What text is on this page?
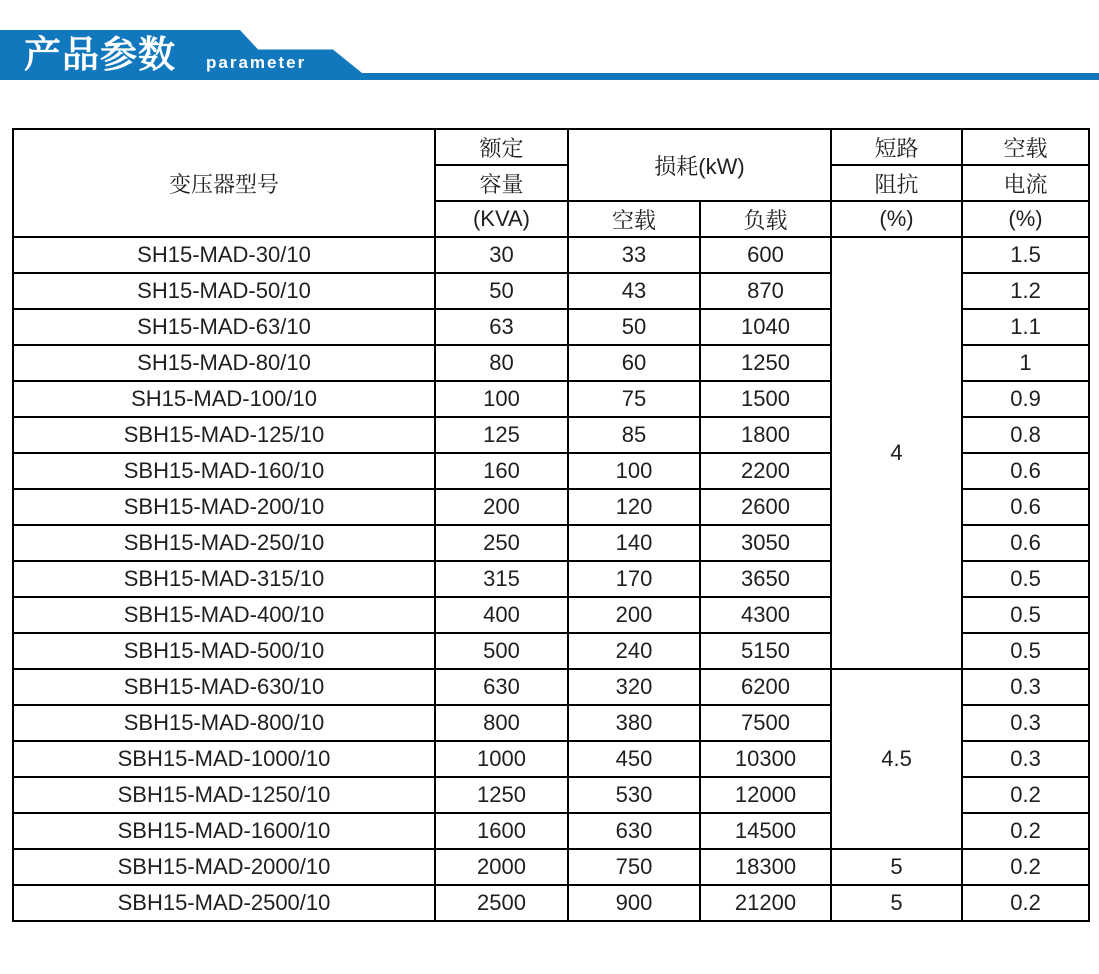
产品参数 parameter
变压器型号	额定	损耗(kW)		短路	空载
	容量			阻抗	电流
	(KVA)	空载	负载	(%)	(%)
SH15-MAD-30/10	30	33	600	4	1.5
SH15-MAD-50/10	50	43	870		1.2
SH15-MAD-63/10	63	50	1040		1.1
SH15-MAD-80/10	80	60	1250		1
SH15-MAD-100/10	100	75	1500		0.9
SBH15-MAD-125/10	125	85	1800		0.8
SBH15-MAD-160/10	160	100	2200		0.6
SBH15-MAD-200/10	200	120	2600		0.6
SBH15-MAD-250/10	250	140	3050		0.6
SBH15-MAD-315/10	315	170	3650		0.5
SBH15-MAD-400/10	400	200	4300		0.5
SBH15-MAD-500/10	500	240	5150		0.5
SBH15-MAD-630/10	630	320	6200	4.5	0.3
SBH15-MAD-800/10	800	380	7500		0.3
SBH15-MAD-1000/10	1000	450	10300		0.3
SBH15-MAD-1250/10	1250	530	12000		0.2
SBH15-MAD-1600/10	1600	630	14500		0.2
SBH15-MAD-2000/10	2000	750	18300	5	0.2
SBH15-MAD-2500/10	2500	900	21200	5	0.2
